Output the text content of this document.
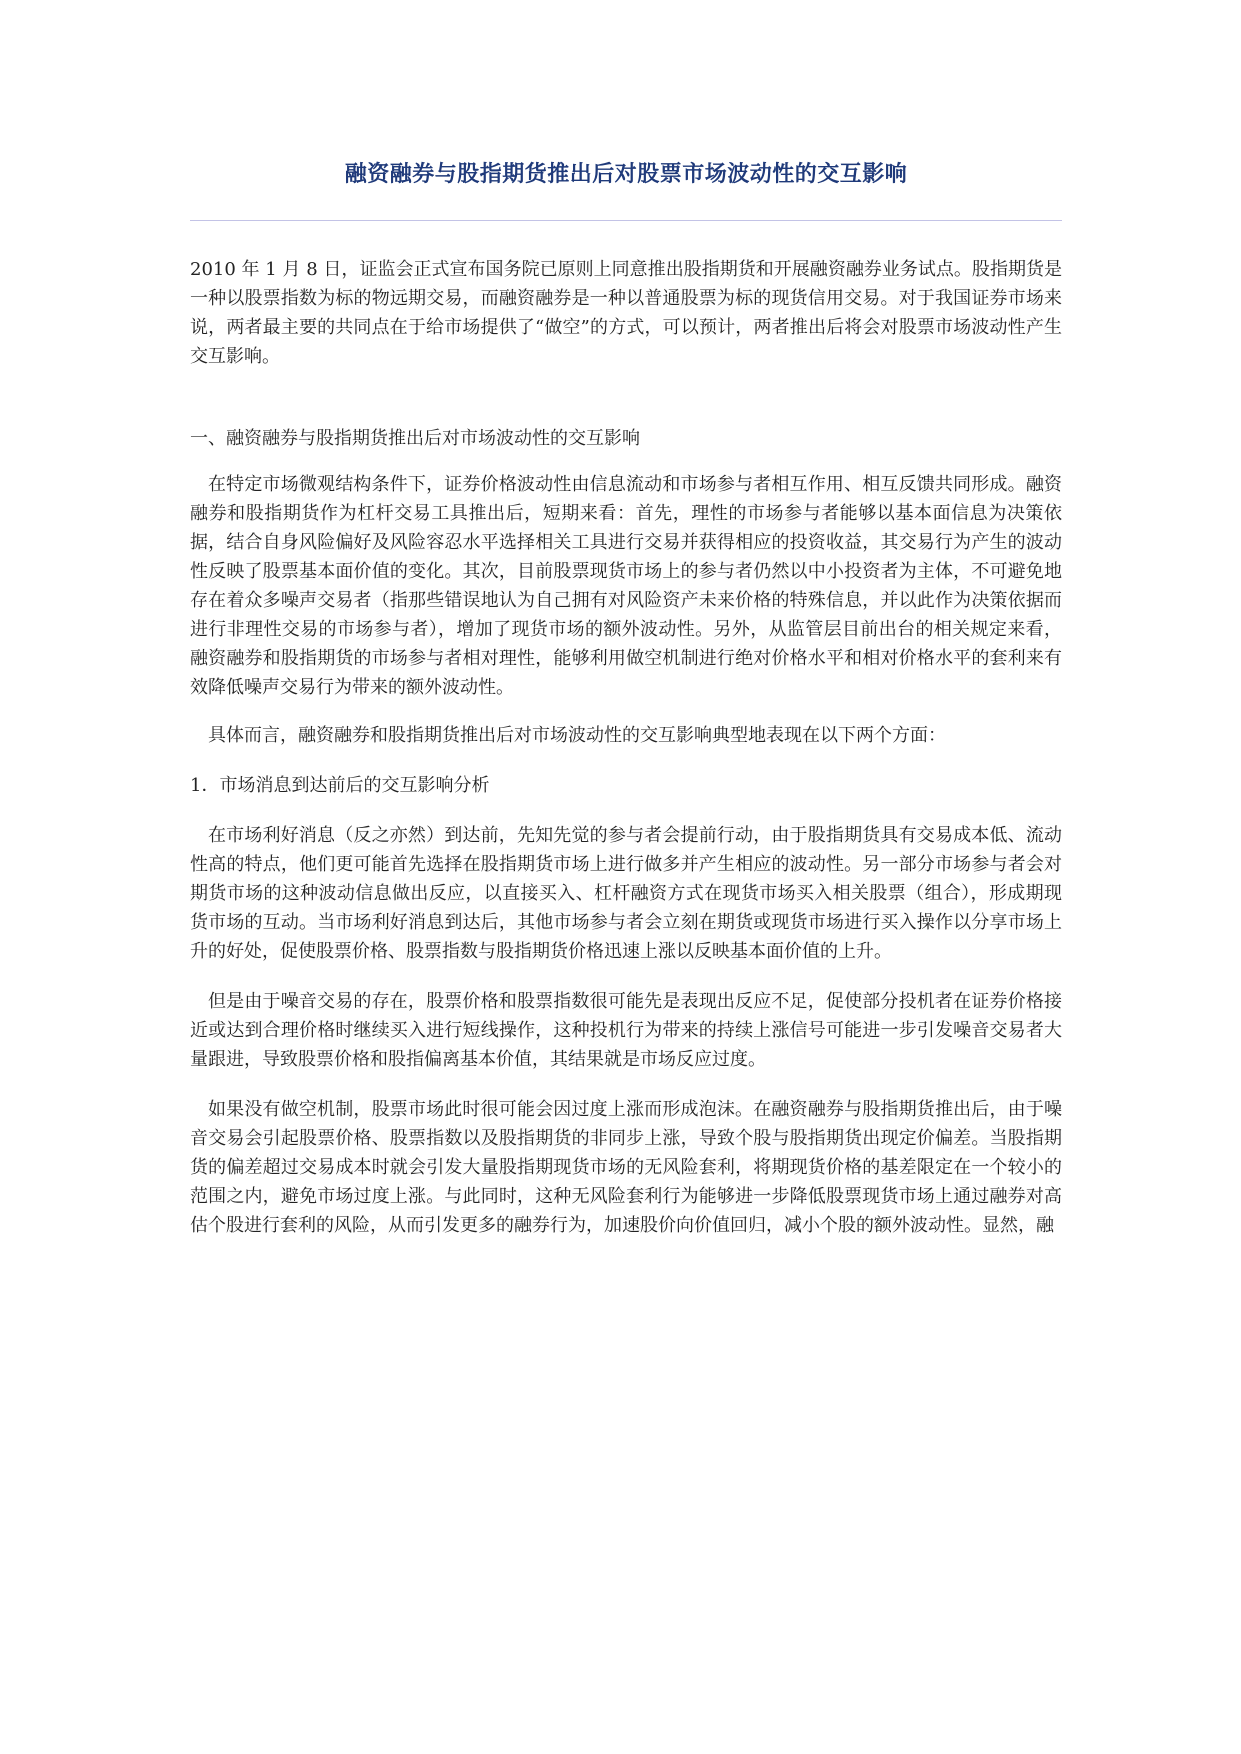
融资融券与股指期货推出后对股票市场波动性的交互影响

2010 年 1 月 8 日，证监会正式宣布国务院已原则上同意推出股指期货和开展融资融券业务试点。股指期货是一种以股票指数为标的物远期交易，而融资融券是一种以普通股票为标的现货信用交易。对于我国证券市场来说，两者最主要的共同点在于给市场提供了“做空”的方式，可以预计，两者推出后将会对股票市场波动性产生交互影响。

一、融资融券与股指期货推出后对市场波动性的交互影响

在特定市场微观结构条件下，证券价格波动性由信息流动和市场参与者相互作用、相互反馈共同形成。融资融券和股指期货作为杠杆交易工具推出后，短期来看：首先，理性的市场参与者能够以基本面信息为决策依据，结合自身风险偏好及风险容忍水平选择相关工具进行交易并获得相应的投资收益，其交易行为产生的波动性反映了股票基本面价值的变化。其次，目前股票现货市场上的参与者仍然以中小投资者为主体，不可避免地存在着众多噪声交易者（指那些错误地认为自己拥有对风险资产未来价格的特殊信息，并以此作为决策依据而进行非理性交易的市场参与者），增加了现货市场的额外波动性。另外，从监管层目前出台的相关规定来看，融资融券和股指期货的市场参与者相对理性，能够利用做空机制进行绝对价格水平和相对价格水平的套利来有效降低噪声交易行为带来的额外波动性。

具体而言，融资融券和股指期货推出后对市场波动性的交互影响典型地表现在以下两个方面：

1．市场消息到达前后的交互影响分析

在市场利好消息（反之亦然）到达前，先知先觉的参与者会提前行动，由于股指期货具有交易成本低、流动性高的特点，他们更可能首先选择在股指期货市场上进行做多并产生相应的波动性。另一部分市场参与者会对期货市场的这种波动信息做出反应，以直接买入、杠杆融资方式在现货市场买入相关股票（组合），形成期现货市场的互动。当市场利好消息到达后，其他市场参与者会立刻在期货或现货市场进行买入操作以分享市场上升的好处，促使股票价格、股票指数与股指期货价格迅速上涨以反映基本面价值的上升。

但是由于噪音交易的存在，股票价格和股票指数很可能先是表现出反应不足，促使部分投机者在证券价格接近或达到合理价格时继续买入进行短线操作，这种投机行为带来的持续上涨信号可能进一步引发噪音交易者大量跟进，导致股票价格和股指偏离基本价值，其结果就是市场反应过度。

如果没有做空机制，股票市场此时很可能会因过度上涨而形成泡沫。在融资融券与股指期货推出后，由于噪音交易会引起股票价格、股票指数以及股指期货的非同步上涨，导致个股与股指期货出现定价偏差。当股指期货的偏差超过交易成本时就会引发大量股指期现货市场的无风险套利，将期现货价格的基差限定在一个较小的范围之内，避免市场过度上涨。与此同时，这种无风险套利行为能够进一步降低股票现货市场上通过融券对高估个股进行套利的风险，从而引发更多的融券行为，加速股价向价值回归，减小个股的额外波动性。显然，融
